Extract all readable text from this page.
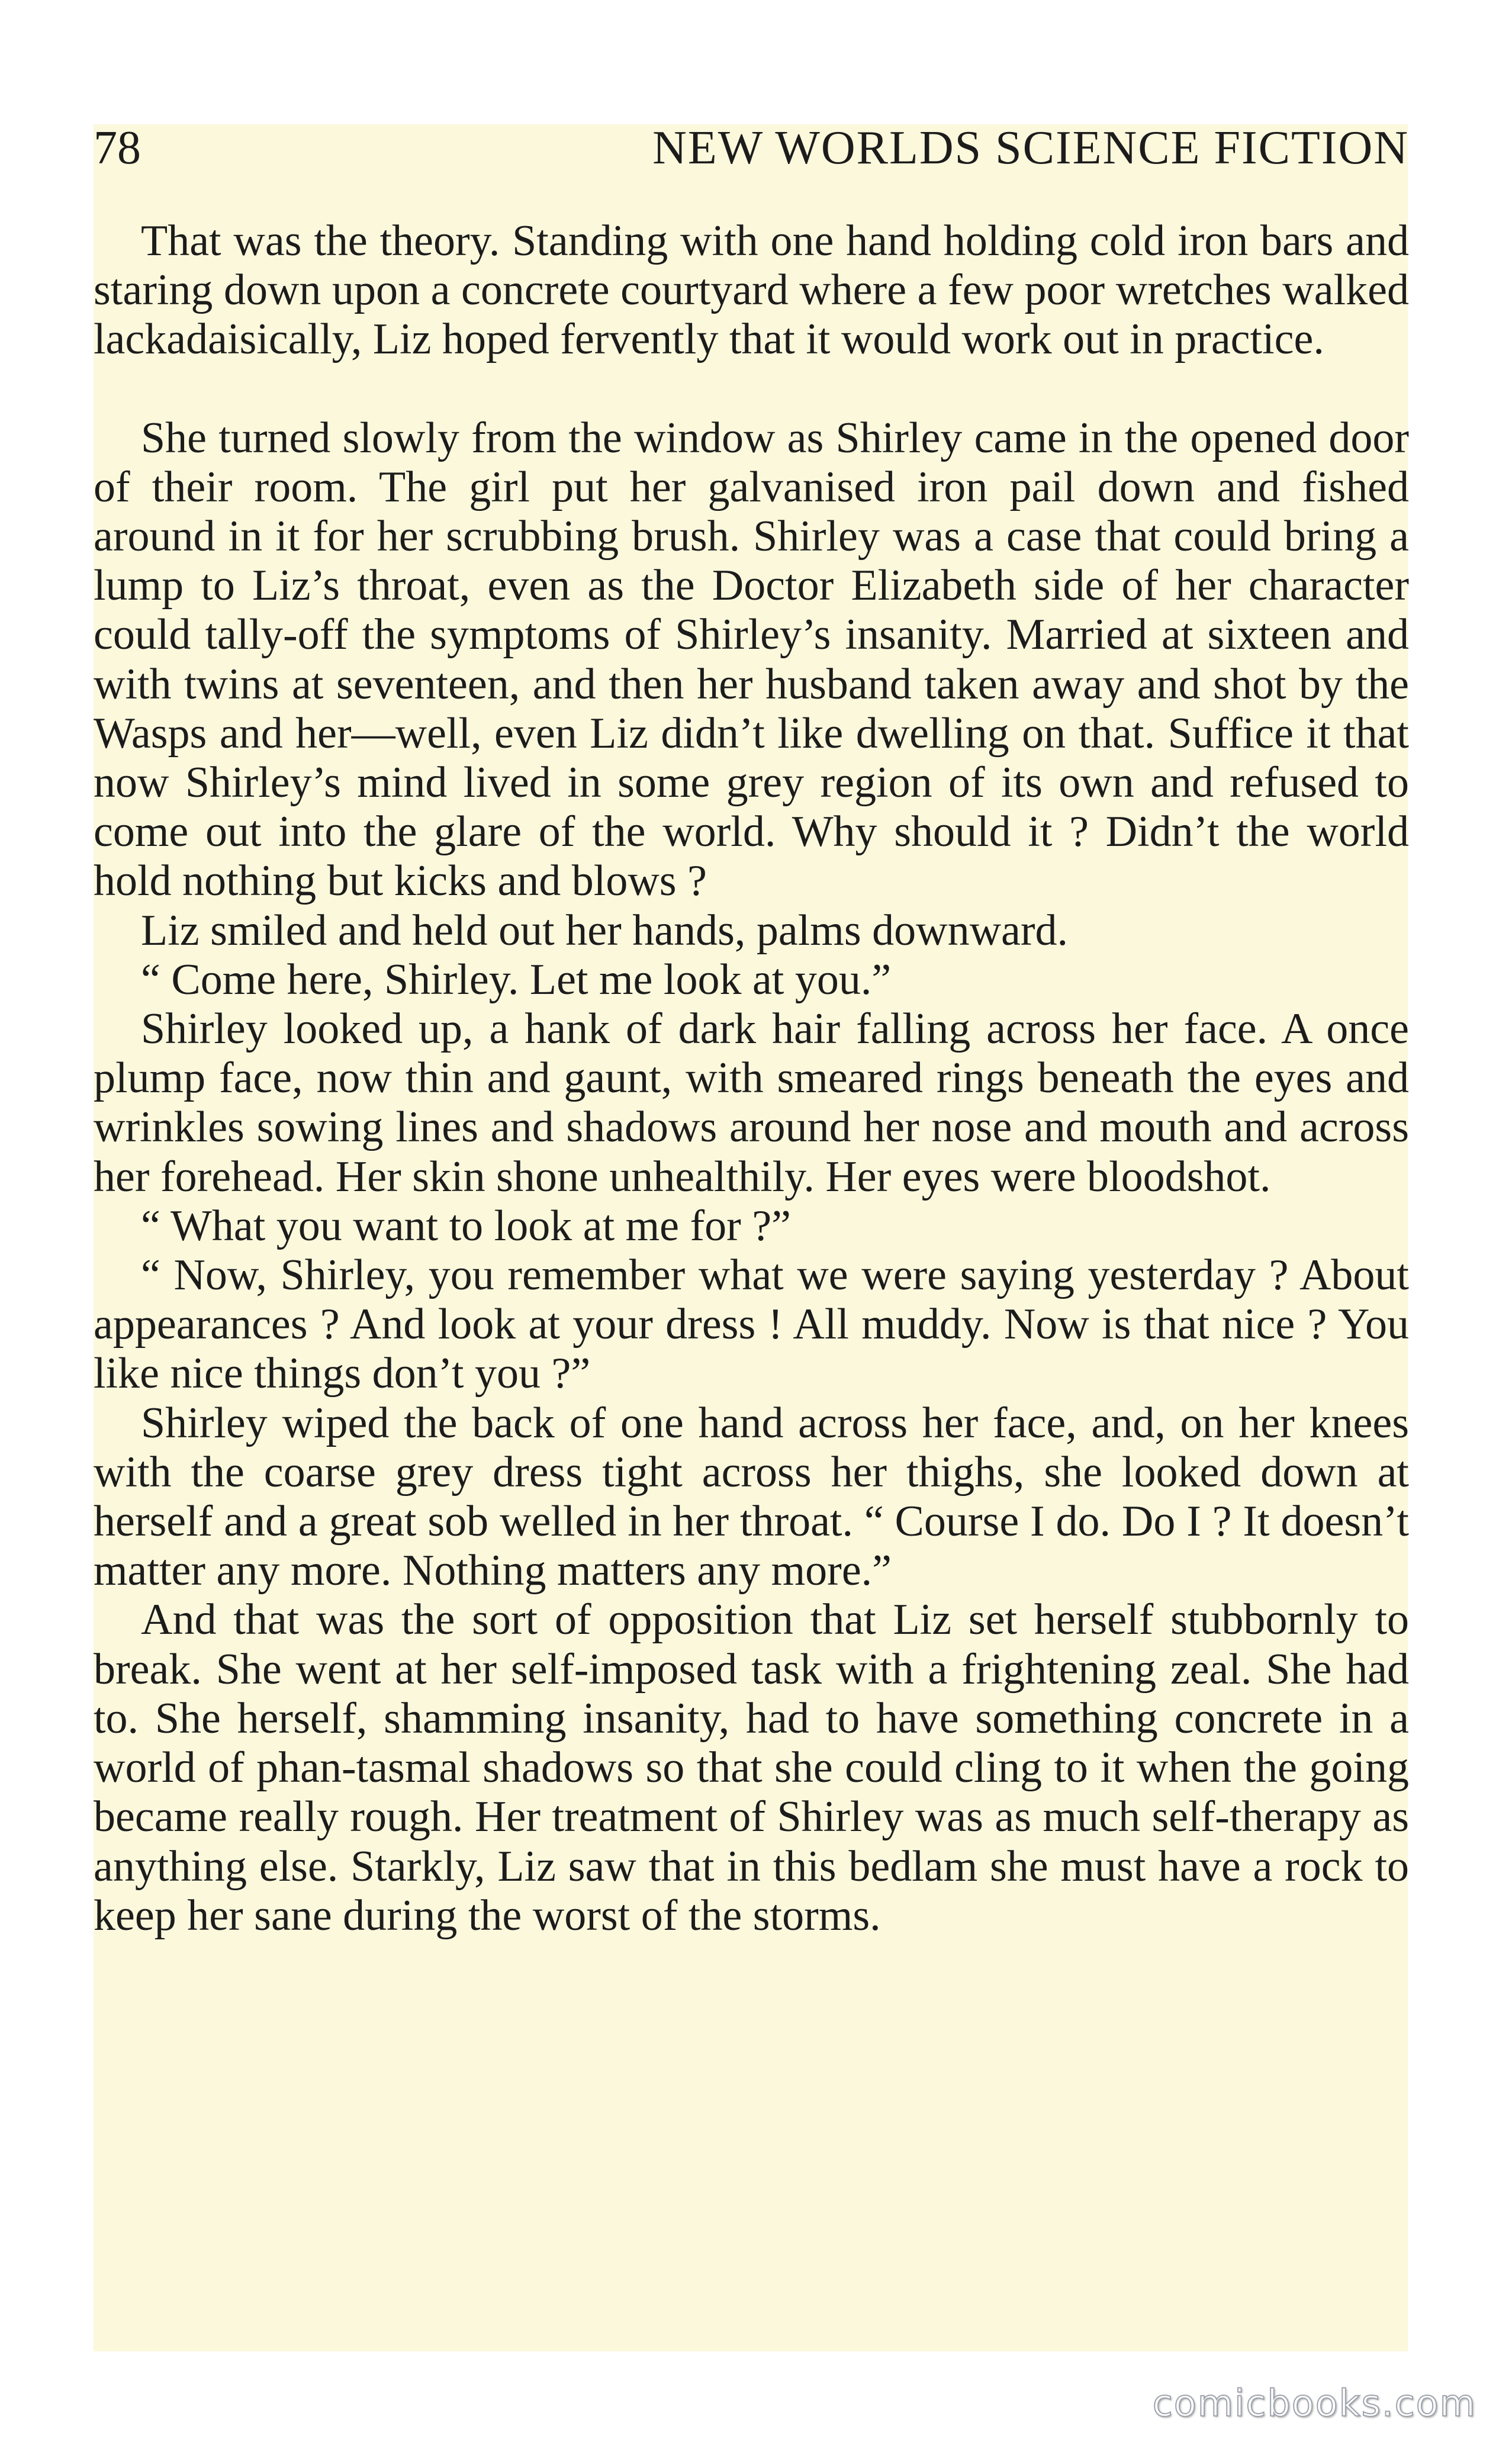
78	NEW WORLDS SCIENCE FICTION

That was the theory. Standing with one hand holding cold iron bars and staring down upon a concrete courtyard where a few poor wretches walked lackadaisically, Liz hoped fervently that it would work out in practice.

She turned slowly from the window as Shirley came in the opened door of their room. The girl put her galvanised iron pail down and fished around in it for her scrubbing brush. Shirley was a case that could bring a lump to Liz’s throat, even as the Doctor Elizabeth side of her character could tally-off the symptoms of Shirley’s insanity. Married at sixteen and with twins at seventeen, and then her husband taken away and shot by the Wasps and her—well, even Liz didn’t like dwelling on that. Suffice it that now Shirley’s mind lived in some grey region of its own and refused to come out into the glare of the world. Why should it ? Didn’t the world hold nothing but kicks and blows ?

Liz smiled and held out her hands, palms downward.

“ Come here, Shirley. Let me look at you.”

Shirley looked up, a hank of dark hair falling across her face. A once plump face, now thin and gaunt, with smeared rings beneath the eyes and wrinkles sowing lines and shadows around her nose and mouth and across her forehead. Her skin shone unhealthily. Her eyes were bloodshot.

“ What you want to look at me for ?”

“ Now, Shirley, you remember what we were saying yesterday ? About appearances ? And look at your dress ! All muddy. Now is that nice ? You like nice things don’t you ?”

Shirley wiped the back of one hand across her face, and, on her knees with the coarse grey dress tight across her thighs, she looked down at herself and a great sob welled in her throat. “ Course I do. Do I ? It doesn’t matter any more. Nothing matters any more.”

And that was the sort of opposition that Liz set herself stubbornly to break. She went at her self-imposed task with a frightening zeal. She had to. She herself, shamming insanity, had to have something concrete in a world of phan-tasmal shadows so that she could cling to it when the going became really rough. Her treatment of Shirley was as much self-therapy as anything else. Starkly, Liz saw that in this bedlam she must have a rock to keep her sane during the worst of the storms.

comicbooks.com
